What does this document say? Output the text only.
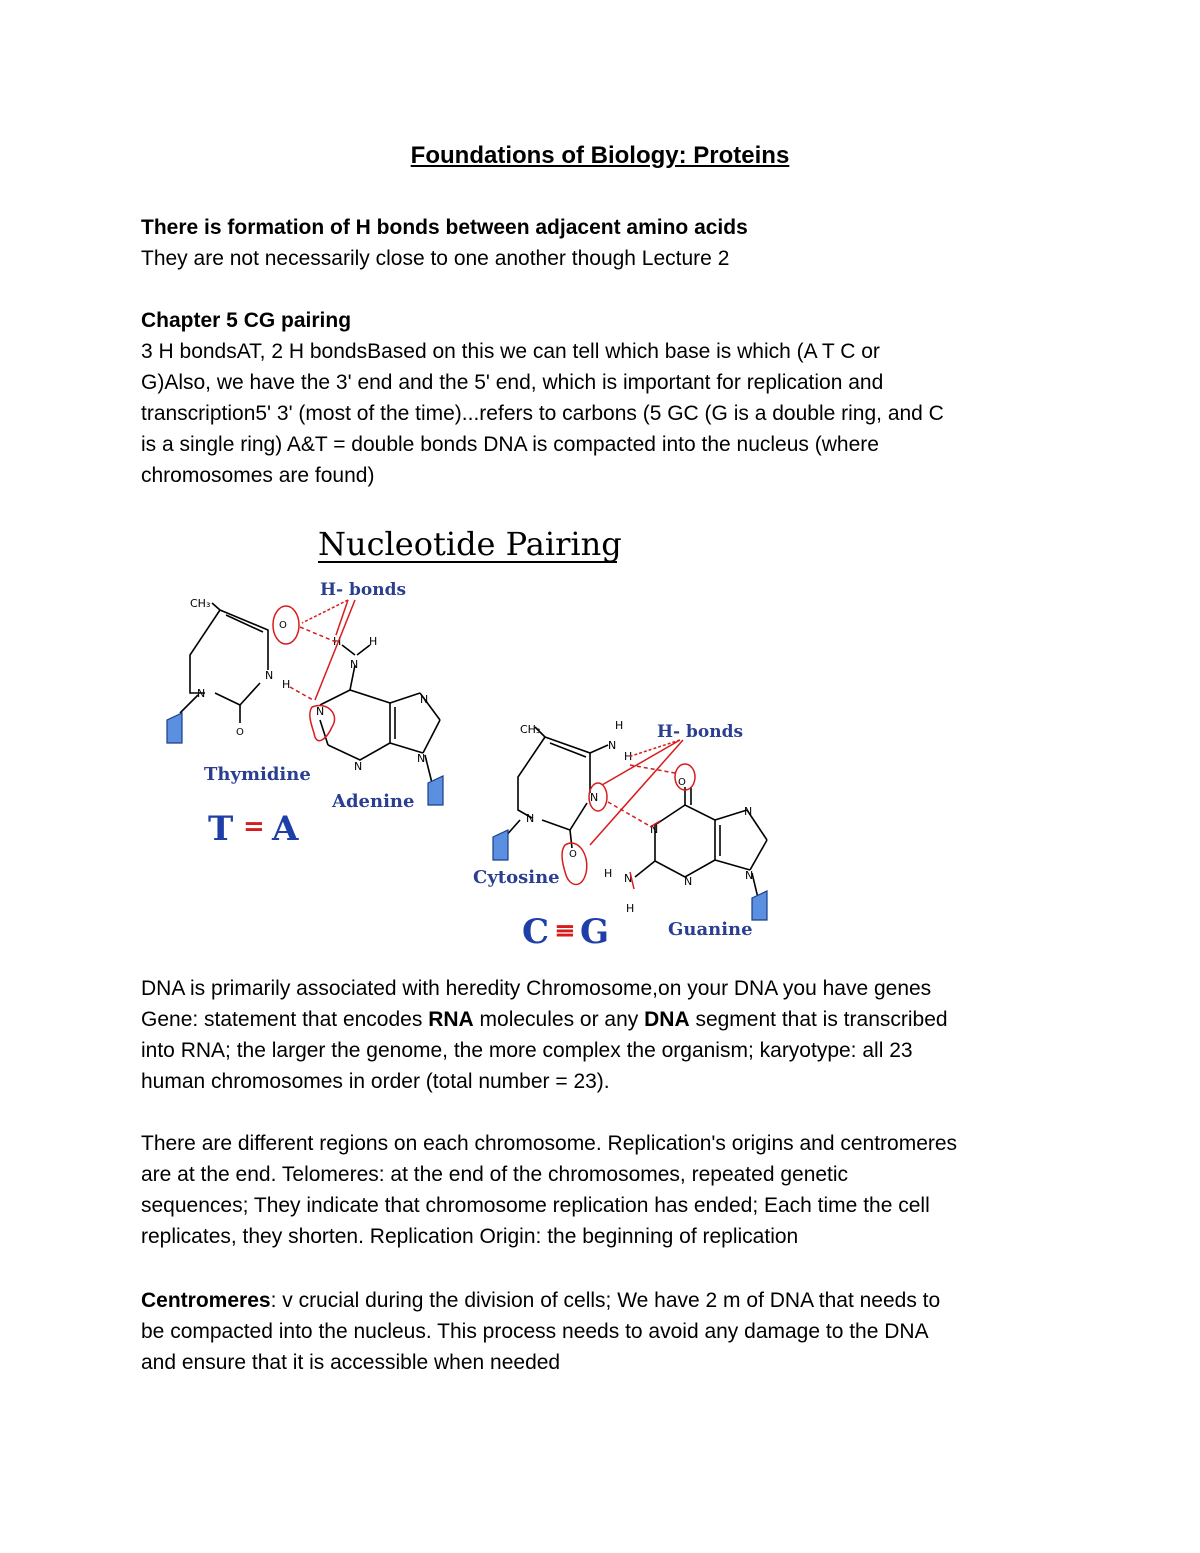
Foundations of Biology: Proteins
There is formation of H bonds between adjacent amino acids
They are not necessarily close to one another though Lecture 2
Chapter 5 CG pairing
3 H bondsAT, 2 H bondsBased on this we can tell which base is which (A T C or
G)Also, we have the 3' end and the 5' end, which is important for replication and
transcription5' 3' (most of the time)...refers to carbons (5 GC (G is a double ring, and C
is a single ring) A&T = double bonds DNA is compacted into the nucleus (where
chromosomes are found)
Nucleotide Pairing
H- bonds
H- bonds
CH₃
N
N
O
O
H
N
H	H
N
N
N
N
Thymidine
Adenine
T = A
CH₃
N
N
N
H
H
O
O
N
N
N
N
N
H
H
Cytosine
Guanine
C ≡ G
DNA is primarily associated with heredity Chromosome,on your DNA you have genes
Gene: statement that encodes RNA molecules or any DNA segment that is transcribed
into RNA; the larger the genome, the more complex the organism; karyotype: all 23
human chromosomes in order (total number = 23).
There are different regions on each chromosome. Replication's origins and centromeres
are at the end. Telomeres: at the end of the chromosomes, repeated genetic
sequences; They indicate that chromosome replication has ended; Each time the cell
replicates, they shorten. Replication Origin: the beginning of replication
Centromeres: v crucial during the division of cells; We have 2 m of DNA that needs to
be compacted into the nucleus. This process needs to avoid any damage to the DNA
and ensure that it is accessible when needed
